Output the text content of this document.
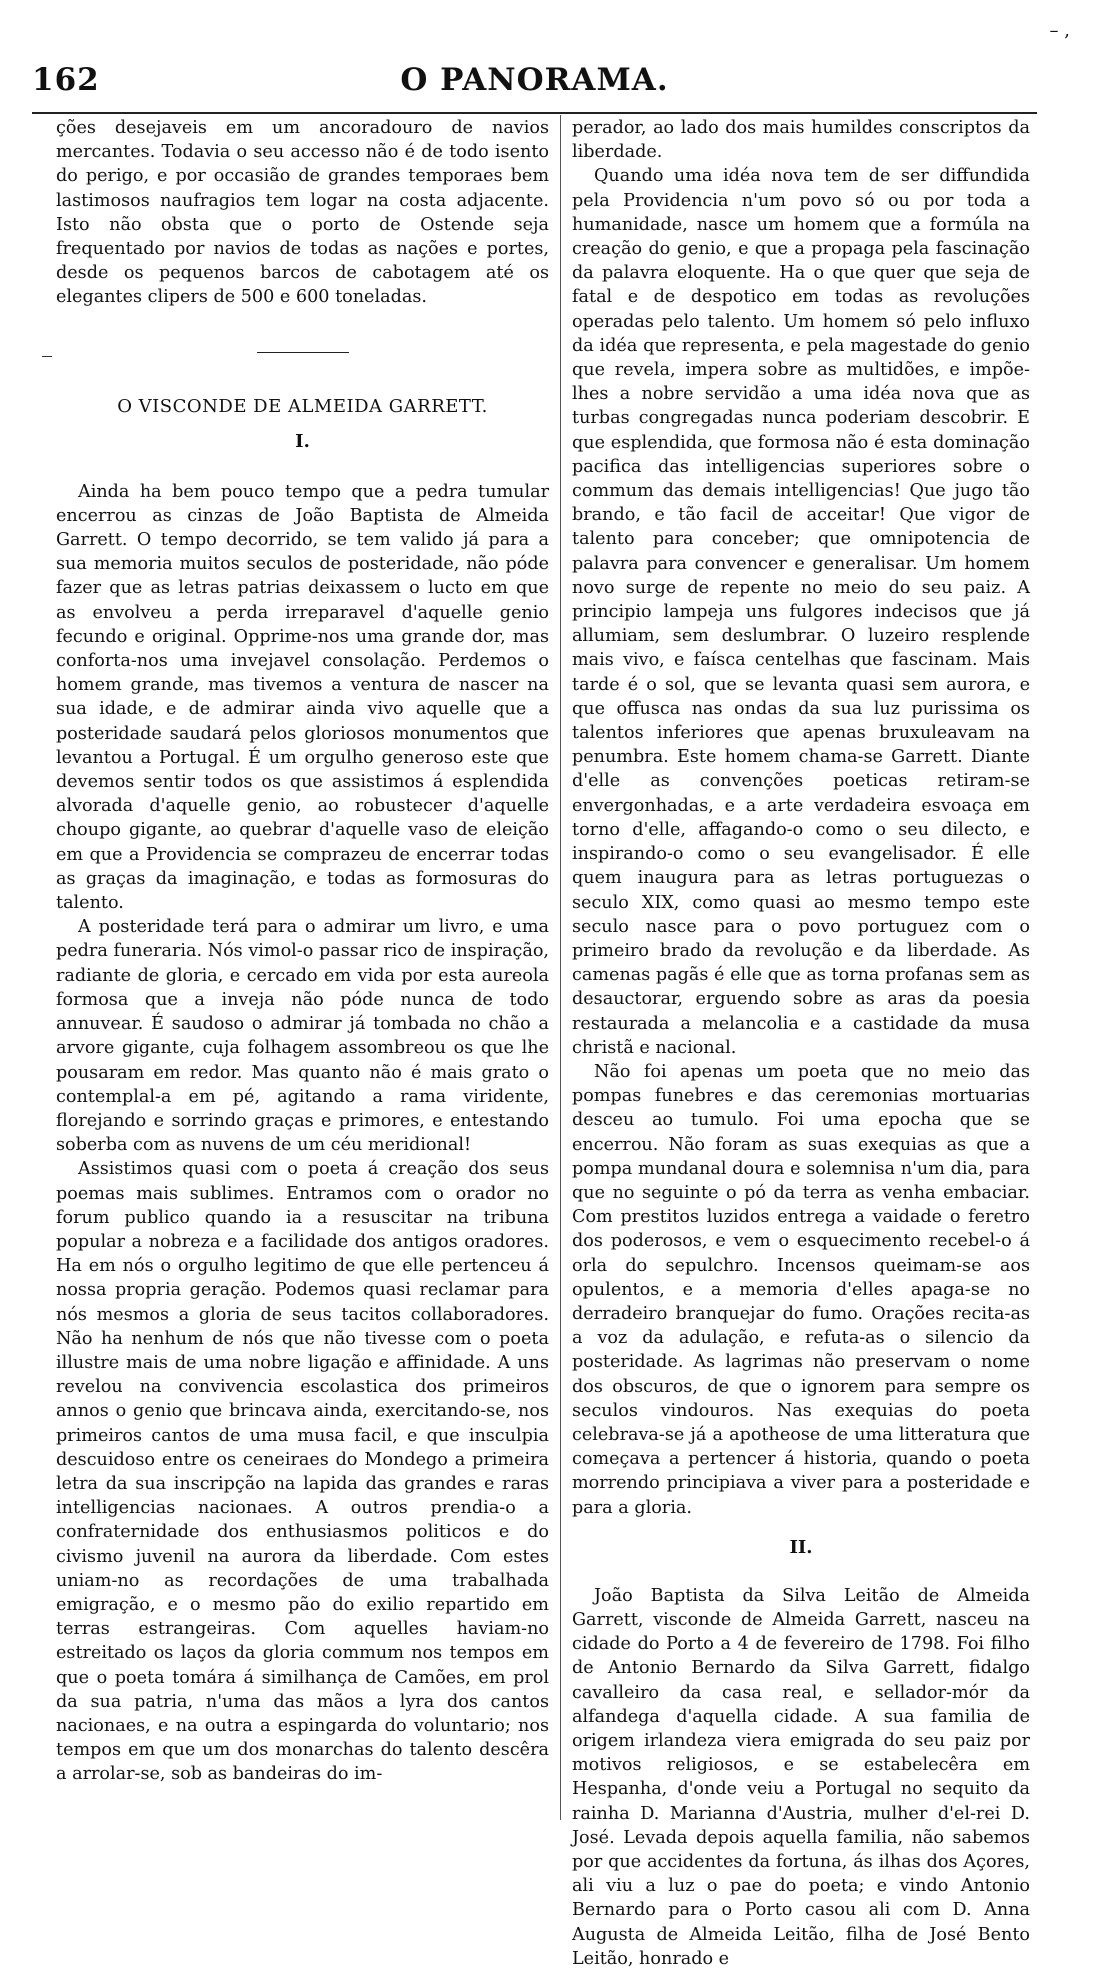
162	O PANORAMA.
– ,

ções desejaveis em um ancoradouro de navios mercantes. Todavia o seu accesso não é de todo isento do perigo, e por occasião de grandes temporaes bem lastimosos naufragios tem logar na costa adjacente. Isto não obsta que o porto de Ostende seja frequentado por navios de todas as nações e portes, desde os pequenos barcos de cabotagem até os elegantes clipers de 500 e 600 toneladas.

O VISCONDE DE ALMEIDA GARRETT.
I.

Ainda ha bem pouco tempo que a pedra tumular encerrou as cinzas de João Baptista de Almeida Garrett. O tempo decorrido, se tem valido já para a sua memoria muitos seculos de posteridade, não póde fazer que as letras patrias deixassem o lucto em que as envolveu a perda irreparavel d'aquelle genio fecundo e original. Opprime-nos uma grande dor, mas conforta-nos uma invejavel consolação. Perdemos o homem grande, mas tivemos a ventura de nascer na sua idade, e de admirar ainda vivo aquelle que a posteridade saudará pelos gloriosos monumentos que levantou a Portugal. É um orgulho generoso este que devemos sentir todos os que assistimos á esplendida alvorada d'aquelle genio, ao robustecer d'aquelle choupo gigante, ao quebrar d'aquelle vaso de eleição em que a Providencia se comprazeu de encerrar todas as graças da imaginação, e todas as formosuras do talento.

A posteridade terá para o admirar um livro, e uma pedra funeraria. Nós vimol-o passar rico de inspiração, radiante de gloria, e cercado em vida por esta aureola formosa que a inveja não póde nunca de todo annuvear. É saudoso o admirar já tombada no chão a arvore gigante, cuja folhagem assombreou os que lhe pousaram em redor. Mas quanto não é mais grato o contemplal-a em pé, agitando a rama viridente, florejando e sorrindo graças e primores, e entestando soberba com as nuvens de um céu meridional!

Assistimos quasi com o poeta á creação dos seus poemas mais sublimes. Entramos com o orador no forum publico quando ia a resuscitar na tribuna popular a nobreza e a facilidade dos antigos oradores. Ha em nós o orgulho legitimo de que elle pertenceu á nossa propria geração. Podemos quasi reclamar para nós mesmos a gloria de seus tacitos collaboradores. Não ha nenhum de nós que não tivesse com o poeta illustre mais de uma nobre ligação e affinidade. A uns revelou na convivencia escolastica dos primeiros annos o genio que brincava ainda, exercitando-se, nos primeiros cantos de uma musa facil, e que insculpia descuidoso entre os ceneiraes do Mondego a primeira letra da sua inscripção na lapida das grandes e raras intelligencias nacionaes. A outros prendia-o a confraternidade dos enthusiasmos politicos e do civismo juvenil na aurora da liberdade. Com estes uniam-no as recordações de uma trabalhada emigração, e o mesmo pão do exilio repartido em terras estrangeiras. Com aquelles haviam-no estreitado os laços da gloria commum nos tempos em que o poeta tomára á similhança de Camões, em prol da sua patria, n'uma das mãos a lyra dos cantos nacionaes, e na outra a espingarda do voluntario; nos tempos em que um dos monarchas do talento descêra a arrolar-se, sob as bandeiras do im-

perador, ao lado dos mais humildes conscriptos da liberdade.

Quando uma idéa nova tem de ser diffundida pela Providencia n'um povo só ou por toda a humanidade, nasce um homem que a formúla na creação do genio, e que a propaga pela fascinação da palavra eloquente. Ha o que quer que seja de fatal e de despotico em todas as revoluções operadas pelo talento. Um homem só pelo influxo da idéa que representa, e pela magestade do genio que revela, impera sobre as multidões, e impõe-lhes a nobre servidão a uma idéa nova que as turbas congregadas nunca poderiam descobrir. E que esplendida, que formosa não é esta dominação pacifica das intelligencias superiores sobre o commum das demais intelligencias! Que jugo tão brando, e tão facil de acceitar! Que vigor de talento para conceber; que omnipotencia de palavra para convencer e generalisar. Um homem novo surge de repente no meio do seu paiz. A principio lampeja uns fulgores indecisos que já allumiam, sem deslumbrar. O luzeiro resplende mais vivo, e faísca centelhas que fascinam. Mais tarde é o sol, que se levanta quasi sem aurora, e que offusca nas ondas da sua luz purissima os talentos inferiores que apenas bruxuleavam na penumbra. Este homem chama-se Garrett. Diante d'elle as convenções poeticas retiram-se envergonhadas, e a arte verdadeira esvoaça em torno d'elle, affagando-o como o seu dilecto, e inspirando-o como o seu evangelisador. É elle quem inaugura para as letras portuguezas o seculo XIX, como quasi ao mesmo tempo este seculo nasce para o povo portuguez com o primeiro brado da revolução e da liberdade. As camenas pagãs é elle que as torna profanas sem as desauctorar, erguendo sobre as aras da poesia restaurada a melancolia e a castidade da musa christã e nacional.

Não foi apenas um poeta que no meio das pompas funebres e das ceremonias mortuarias desceu ao tumulo. Foi uma epocha que se encerrou. Não foram as suas exequias as que a pompa mundanal doura e solemnisa n'um dia, para que no seguinte o pó da terra as venha embaciar. Com prestitos luzidos entrega a vaidade o feretro dos poderosos, e vem o esquecimento recebel-o á orla do sepulchro. Incensos queimam-se aos opulentos, e a memoria d'elles apaga-se no derradeiro branquejar do fumo. Orações recita-as a voz da adulação, e refuta-as o silencio da posteridade. As lagrimas não preservam o nome dos obscuros, de que o ignorem para sempre os seculos vindouros. Nas exequias do poeta celebrava-se já a apotheose de uma litteratura que começava a pertencer á historia, quando o poeta morrendo principiava a viver para a posteridade e para a gloria.

II.

João Baptista da Silva Leitão de Almeida Garrett, visconde de Almeida Garrett, nasceu na cidade do Porto a 4 de fevereiro de 1798. Foi filho de Antonio Bernardo da Silva Garrett, fidalgo cavalleiro da casa real, e sellador-mór da alfandega d'aquella cidade. A sua familia de origem irlandeza viera emigrada do seu paiz por motivos religiosos, e se estabelecêra em Hespanha, d'onde veiu a Portugal no sequito da rainha D. Marianna d'Austria, mulher d'el-rei D. José. Levada depois aquella familia, não sabemos por que accidentes da fortuna, ás ilhas dos Açores, ali viu a luz o pae do poeta; e vindo Antonio Bernardo para o Porto casou ali com D. Anna Augusta de Almeida Leitão, filha de José Bento Leitão, honrado e
